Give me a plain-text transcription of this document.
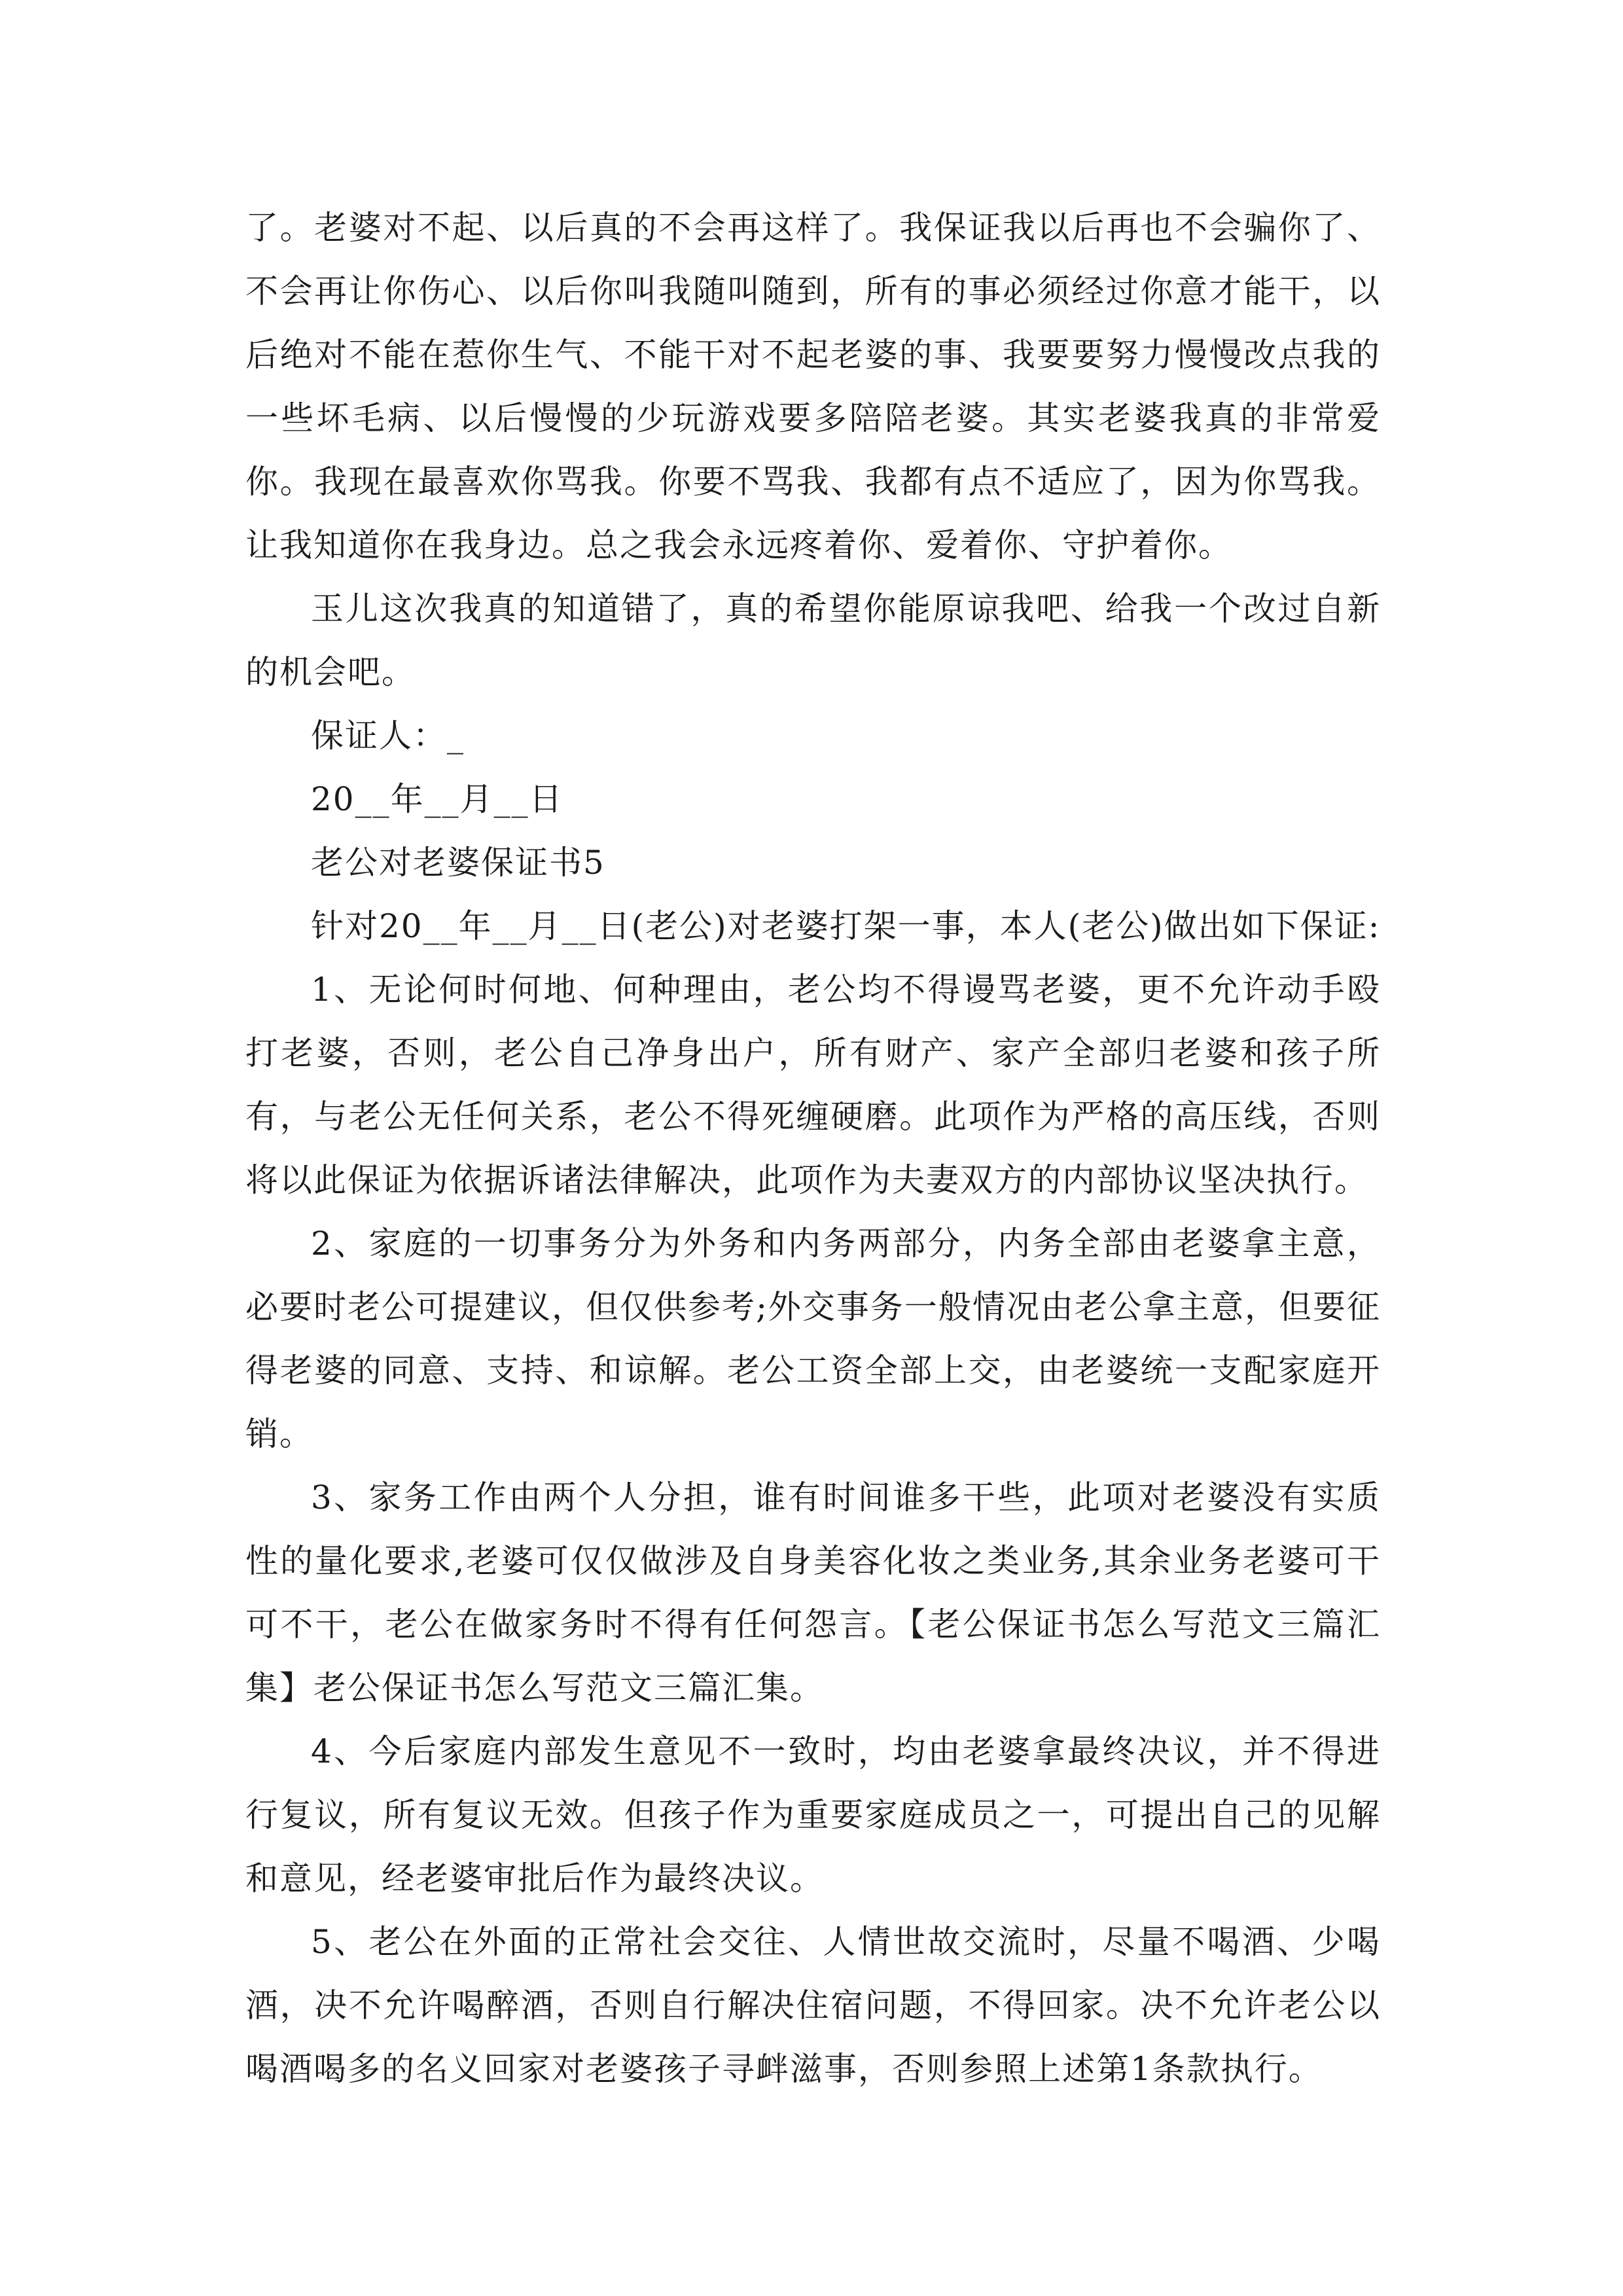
了。老婆对不起、以后真的不会再这样了。我保证我以后再也不会骗你了、不会再让你伤心、以后你叫我随叫随到，所有的事必须经过你意才能干，以后绝对不能在惹你生气、不能干对不起老婆的事、我要要努力慢慢改点我的一些坏毛病、以后慢慢的少玩游戏要多陪陪老婆。其实老婆我真的非常爱你。我现在最喜欢你骂我。你要不骂我、我都有点不适应了，因为你骂我。让我知道你在我身边。总之我会永远疼着你、爱着你、守护着你。

玉儿这次我真的知道错了，真的希望你能原谅我吧、给我一个改过自新的机会吧。

保证人：_

20__年__月__日

老公对老婆保证书5

针对20__年__月__日(老公)对老婆打架一事，本人(老公)做出如下保证:

1、无论何时何地、何种理由，老公均不得谩骂老婆，更不允许动手殴打老婆，否则，老公自己净身出户，所有财产、家产全部归老婆和孩子所有，与老公无任何关系，老公不得死缠硬磨。此项作为严格的高压线，否则将以此保证为依据诉诸法律解决，此项作为夫妻双方的内部协议坚决执行。

2、家庭的一切事务分为外务和内务两部分，内务全部由老婆拿主意，必要时老公可提建议，但仅供参考;外交事务一般情况由老公拿主意，但要征得老婆的同意、支持、和谅解。老公工资全部上交，由老婆统一支配家庭开销。

3、家务工作由两个人分担，谁有时间谁多干些，此项对老婆没有实质性的量化要求,老婆可仅仅做涉及自身美容化妆之类业务,其余业务老婆可干可不干，老公在做家务时不得有任何怨言。【老公保证书怎么写范文三篇汇集】老公保证书怎么写范文三篇汇集。

4、今后家庭内部发生意见不一致时，均由老婆拿最终决议，并不得进行复议，所有复议无效。但孩子作为重要家庭成员之一，可提出自己的见解和意见，经老婆审批后作为最终决议。

5、老公在外面的正常社会交往、人情世故交流时，尽量不喝酒、少喝酒，决不允许喝醉酒，否则自行解决住宿问题，不得回家。决不允许老公以喝酒喝多的名义回家对老婆孩子寻衅滋事，否则参照上述第1条款执行。
